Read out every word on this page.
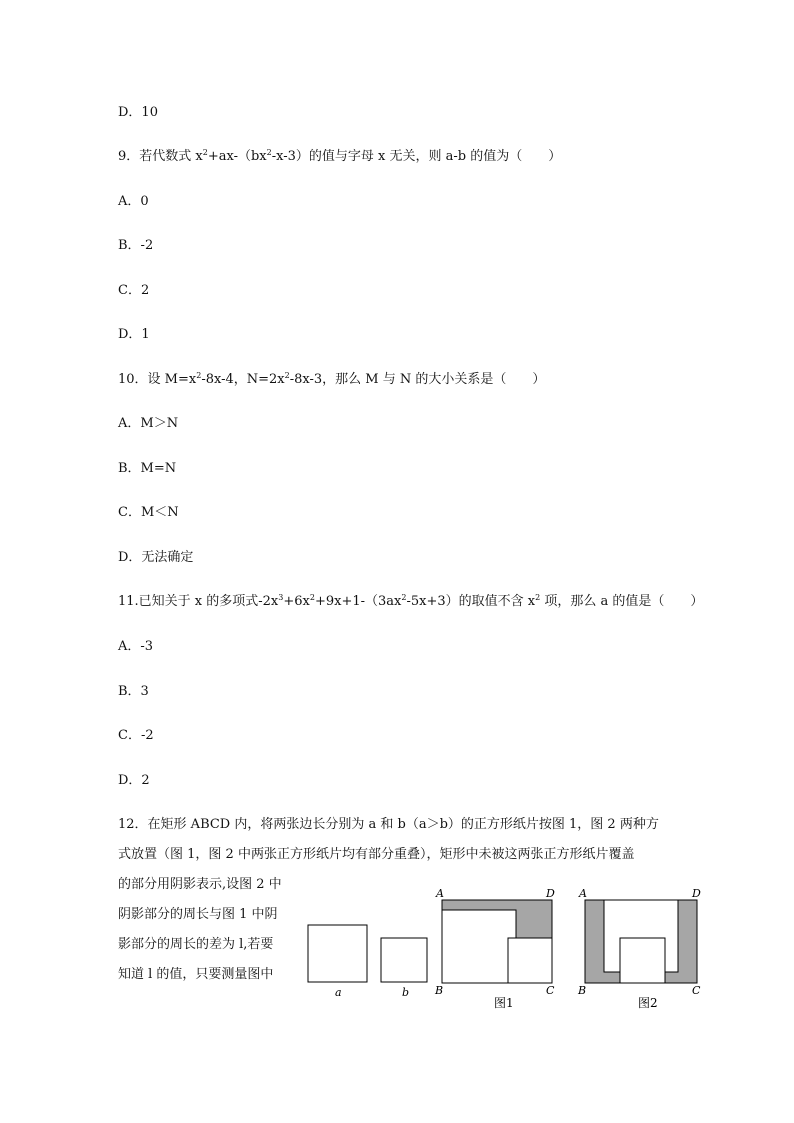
D．10
9．若代数式 $x^2+ax-(bx^2-x-3)$的值与字母 x 无关，则 a-b 的值为（　　）
A．0
B．-2
C．2
D．1
10．设 $M=x^2-8x-4$，$N=2x^2-8x-3$，那么 M 与 N 的大小关系是（　　）
A．M＞N
B．M=N
C．M＜N
D．无法确定
11.已知关于 x 的多项式$-2x^3+6x^2+9x+1-(3ax^2-5x+3)$的取值不含 $x^2$ 项，那么 a 的值是（　　）
A．-3
B．3
C．-2
D．2
12．在矩形 ABCD 内，将两张边长分别为 a 和 b（a＞b）的正方形纸片按图 1，图 2 两种方
式放置（图 1，图 2 中两张正方形纸片均有部分重叠），矩形中未被这两张正方形纸片覆盖
的部分用阴影表示,设图 2 中
阴影部分的周长与图 1 中阴
影部分的周长的差为 l,若要
知道 l 的值，只要测量图中
a	b
A	D
B	C
图1
A	D
B	C
图2
